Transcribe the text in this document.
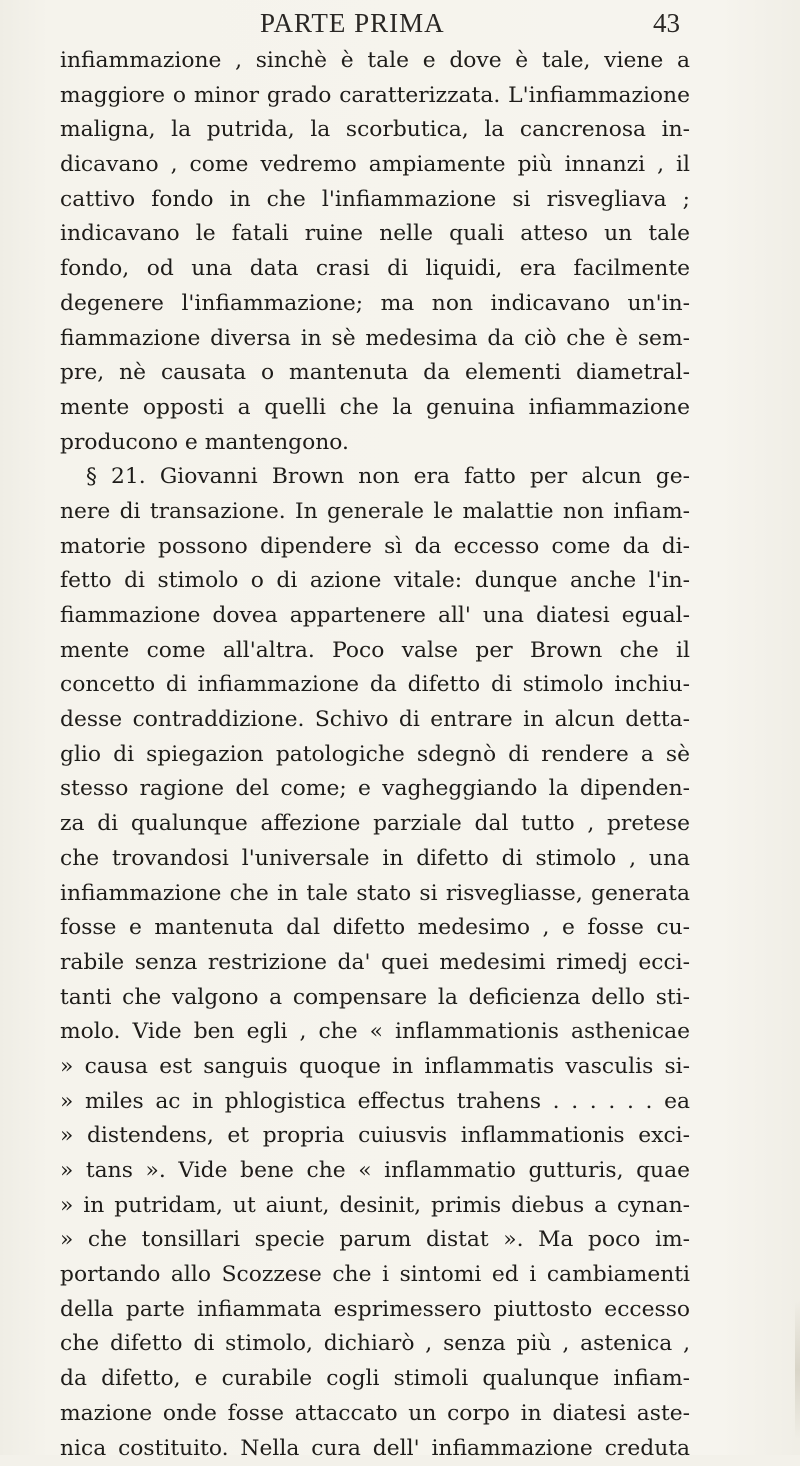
PARTE PRIMA	43
infiammazione , sinchè è tale e dove è tale, viene a
maggiore o minor grado caratterizzata. L'infiammazione
maligna, la putrida, la scorbutica, la cancrenosa in-
dicavano , come vedremo ampiamente più innanzi , il
cattivo fondo in che l'infiammazione si risvegliava ;
indicavano le fatali ruine nelle quali atteso un tale
fondo, od una data crasi di liquidi, era facilmente
degenere l'infiammazione; ma non indicavano un'in-
fiammazione diversa in sè medesima da ciò che è sem-
pre, nè causata o mantenuta da elementi diametral-
mente opposti a quelli che la genuina infiammazione
producono e mantengono.
§ 21. Giovanni Brown non era fatto per alcun ge-
nere di transazione. In generale le malattie non infiam-
matorie possono dipendere sì da eccesso come da di-
fetto di stimolo o di azione vitale: dunque anche l'in-
fiammazione dovea appartenere all' una diatesi egual-
mente come all'altra. Poco valse per Brown che il
concetto di infiammazione da difetto di stimolo inchiu-
desse contraddizione. Schivo di entrare in alcun detta-
glio di spiegazion patologiche sdegnò di rendere a sè
stesso ragione del come; e vagheggiando la dipenden-
za di qualunque affezione parziale dal tutto , pretese
che trovandosi l'universale in difetto di stimolo , una
infiammazione che in tale stato si risvegliasse, generata
fosse e mantenuta dal difetto medesimo , e fosse cu-
rabile senza restrizione da' quei medesimi rimedj ecci-
tanti che valgono a compensare la deficienza dello sti-
molo. Vide ben egli , che « inflammationis asthenicae
» causa est sanguis quoque in inflammatis vasculis si-
» miles ac in phlogistica effectus trahens . . . . . . ea
» distendens, et propria cuiusvis inflammationis exci-
» tans ». Vide bene che « inflammatio gutturis, quae
» in putridam, ut aiunt, desinit, primis diebus a cynan-
» che tonsillari specie parum distat ». Ma poco im-
portando allo Scozzese che i sintomi ed i cambiamenti
della parte infiammata esprimessero piuttosto eccesso
che difetto di stimolo, dichiarò , senza più , astenica ,
da difetto, e curabile cogli stimoli qualunque infiam-
mazione onde fosse attaccato un corpo in diatesi aste-
nica costituito. Nella cura dell' infiammazione creduta
